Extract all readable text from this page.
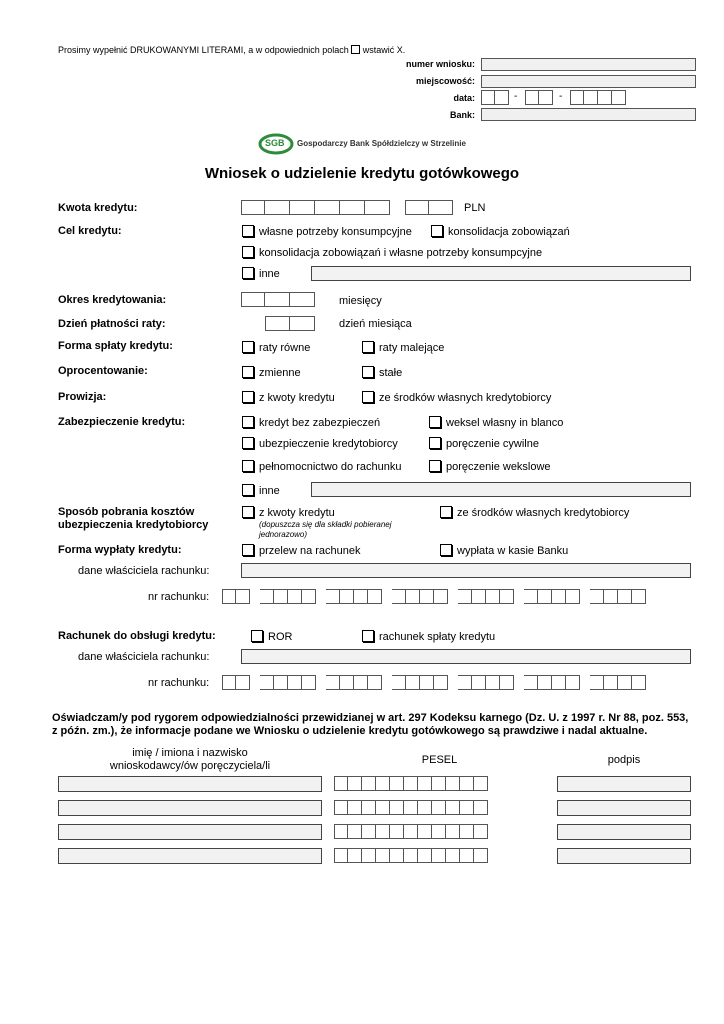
Prosimy wypełnić DRUKOWANYMI LITERAMI, a w odpowiednich polach wstawić X.
numer wniosku:
miejscowość:
data:	-	-
Bank:
SGB Gospodarczy Bank Spółdzielczy w Strzelinie
Wniosek o udzielenie kredytu gotówkowego
Kwota kredytu:	PLN
Cel kredytu:	własne potrzeby konsumpcyjne	konsolidacja zobowiązań
konsolidacja zobowiązań i własne potrzeby konsumpcyjne
inne
Okres kredytowania:	miesięcy
Dzień płatności raty:	dzień miesiąca
Forma spłaty kredytu:	raty równe	raty malejące
Oprocentowanie:	zmienne	stałe
Prowizja:	z kwoty kredytu	ze środków własnych kredytobiorcy
Zabezpieczenie kredytu:	kredyt bez zabezpieczeń	weksel własny in blanco
ubezpieczenie kredytobiorcy	poręczenie cywilne
pełnomocnictwo do rachunku	poręczenie wekslowe
inne
Sposób pobrania kosztów
ubezpieczenia kredytobiorcy
z kwoty kredytu
(dopuszcza się dla składki pobieranej
jednorazowo)
ze środków własnych kredytobiorcy
Forma wypłaty kredytu:	przelew na rachunek	wypłata w kasie Banku
dane właściciela rachunku:
nr rachunku:
Rachunek do obsługi kredytu:	ROR	rachunek spłaty kredytu
dane właściciela rachunku:
nr rachunku:
Oświadczam/y pod rygorem odpowiedzialności przewidzianej w art. 297 Kodeksu karnego (Dz. U. z 1997 r. Nr 88, poz. 553,
z późn. zm.), że informacje podane we Wniosku o udzielenie kredytu gotówkowego są prawdziwe i nadal aktualne.
imię / imiona i nazwisko
wnioskodawcy/ów poręczyciela/li	PESEL	podpis
